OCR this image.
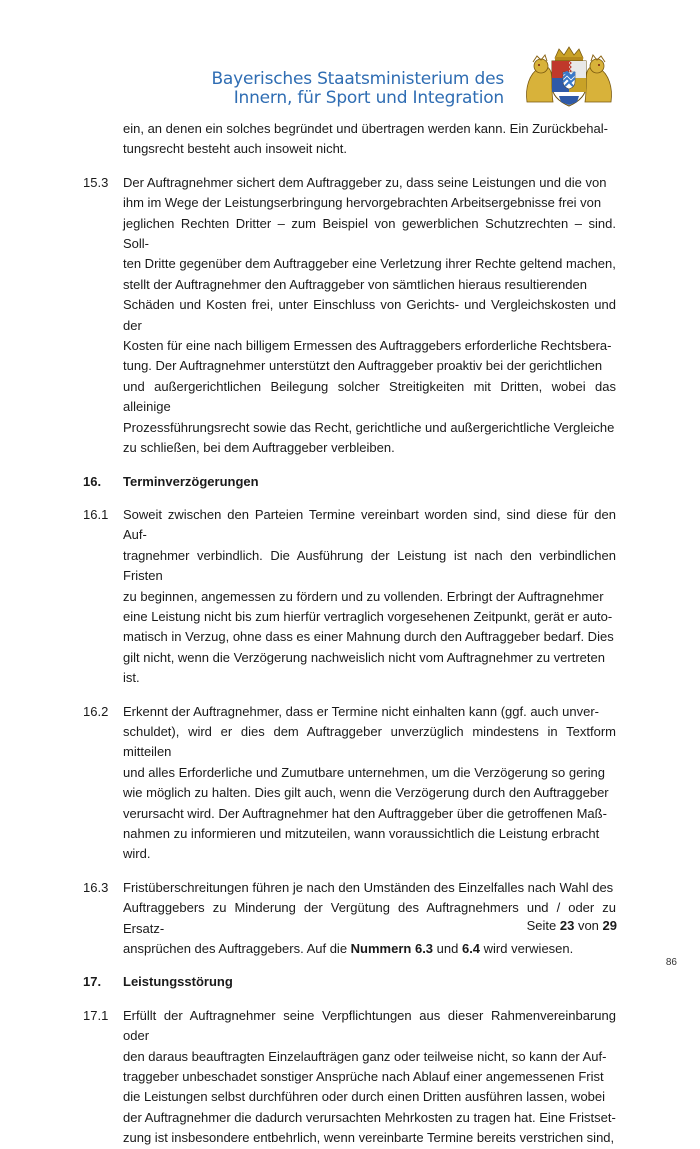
Bayerisches Staatsministerium des
Innern, für Sport und Integration
ein, an denen ein solches begründet und übertragen werden kann. Ein Zurückbehal-
tungsrecht besteht auch insoweit nicht.
15.3	Der Auftragnehmer sichert dem Auftraggeber zu, dass seine Leistungen und die von
ihm im Wege der Leistungserbringung hervorgebrachten Arbeitsergebnisse frei von
jeglichen Rechten Dritter – zum Beispiel von gewerblichen Schutzrechten – sind. Soll-
ten Dritte gegenüber dem Auftraggeber eine Verletzung ihrer Rechte geltend machen,
stellt der Auftragnehmer den Auftraggeber von sämtlichen hieraus resultierenden
Schäden und Kosten frei, unter Einschluss von Gerichts- und Vergleichskosten und der
Kosten für eine nach billigem Ermessen des Auftraggebers erforderliche Rechtsbera-
tung. Der Auftragnehmer unterstützt den Auftraggeber proaktiv bei der gerichtlichen
und außergerichtlichen Beilegung solcher Streitigkeiten mit Dritten, wobei das alleinige
Prozessführungsrecht sowie das Recht, gerichtliche und außergerichtliche Vergleiche
zu schließen, bei dem Auftraggeber verbleiben.
16.	Terminverzögerungen
16.1	Soweit zwischen den Parteien Termine vereinbart worden sind, sind diese für den Auf-
tragnehmer verbindlich. Die Ausführung der Leistung ist nach den verbindlichen Fristen
zu beginnen, angemessen zu fördern und zu vollenden. Erbringt der Auftragnehmer
eine Leistung nicht bis zum hierfür vertraglich vorgesehenen Zeitpunkt, gerät er auto-
matisch in Verzug, ohne dass es einer Mahnung durch den Auftraggeber bedarf. Dies
gilt nicht, wenn die Verzögerung nachweislich nicht vom Auftragnehmer zu vertreten
ist.
16.2	Erkennt der Auftragnehmer, dass er Termine nicht einhalten kann (ggf. auch unver-
schuldet), wird er dies dem Auftraggeber unverzüglich mindestens in Textform mitteilen
und alles Erforderliche und Zumutbare unternehmen, um die Verzögerung so gering
wie möglich zu halten. Dies gilt auch, wenn die Verzögerung durch den Auftraggeber
verursacht wird. Der Auftragnehmer hat den Auftraggeber über die getroffenen Maß-
nahmen zu informieren und mitzuteilen, wann voraussichtlich die Leistung erbracht
wird.
16.3	Fristüberschreitungen führen je nach den Umständen des Einzelfalles nach Wahl des
Auftraggebers zu Minderung der Vergütung des Auftragnehmers und / oder zu Ersatz-
ansprüchen des Auftraggebers. Auf die Nummern 6.3 und 6.4 wird verwiesen.
17.	Leistungsstörung
17.1	Erfüllt der Auftragnehmer seine Verpflichtungen aus dieser Rahmenvereinbarung oder
den daraus beauftragten Einzelaufträgen ganz oder teilweise nicht, so kann der Auf-
traggeber unbeschadet sonstiger Ansprüche nach Ablauf einer angemessenen Frist
die Leistungen selbst durchführen oder durch einen Dritten ausführen lassen, wobei
der Auftragnehmer die dadurch verursachten Mehrkosten zu tragen hat. Eine Fristset-
zung ist insbesondere entbehrlich, wenn vereinbarte Termine bereits verstrichen sind,
Seite 23 von 29
86
